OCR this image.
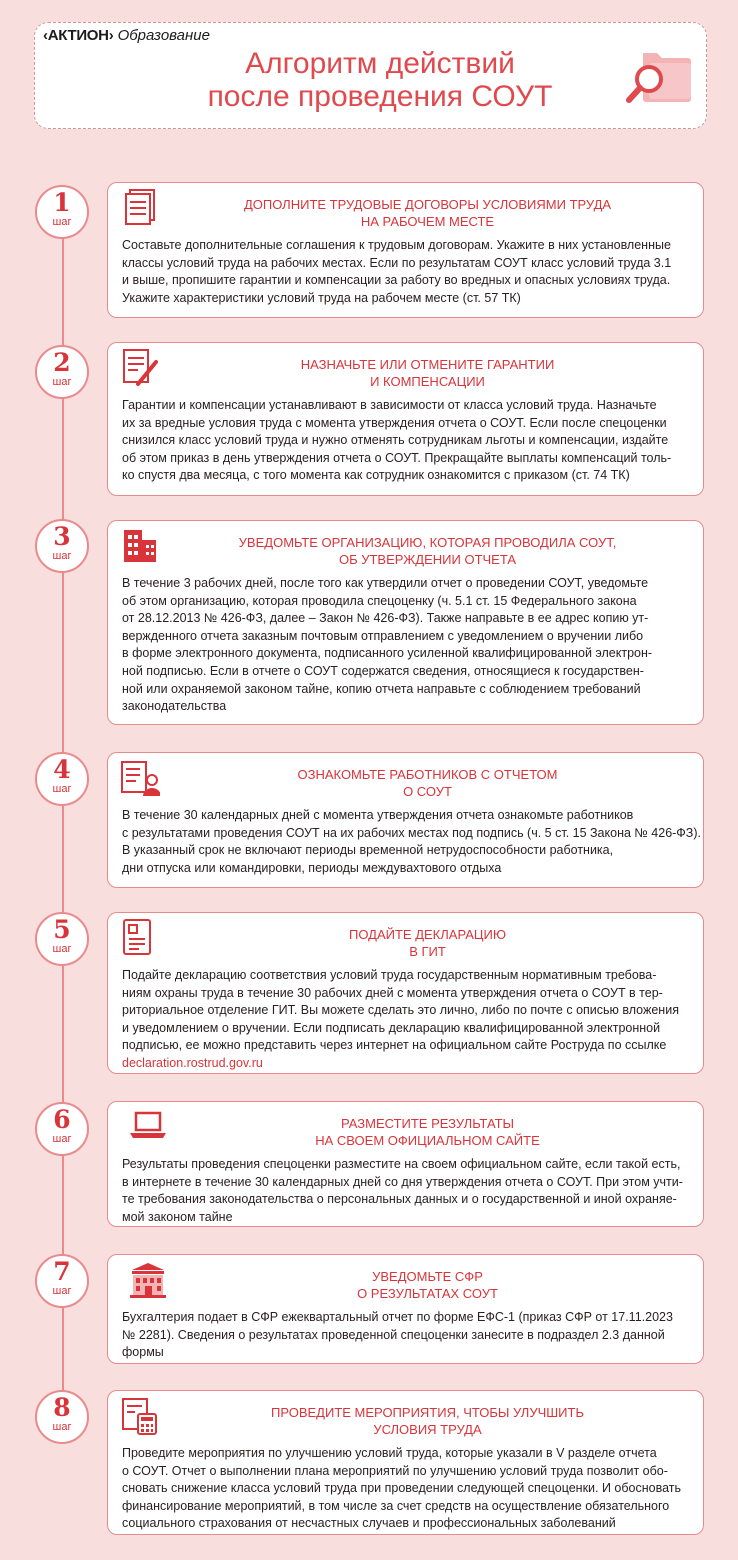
‹АКТИОН› Образование
Алгоритм действий
после проведения СОУТ
1
шаг
2
шаг
3
шаг
4
шаг
5
шаг
6
шаг
7
шаг
8
шаг
ДОПОЛНИТЕ ТРУДОВЫЕ ДОГОВОРЫ УСЛОВИЯМИ ТРУДА
НА РАБОЧЕМ МЕСТЕ
Составьте дополнительные соглашения к трудовым договорам. Укажите в них установленные
классы условий труда на рабочих местах. Если по результатам СОУТ класс условий труда 3.1
и выше, пропишите гарантии и компенсации за работу во вредных и опасных условиях труда.
Укажите характеристики условий труда на рабочем месте (ст. 57 ТК)
НАЗНАЧЬТЕ ИЛИ ОТМЕНИТЕ ГАРАНТИИ
И КОМПЕНСАЦИИ
Гарантии и компенсации устанавливают в зависимости от класса условий труда. Назначьте
их за вредные условия труда с момента утверждения отчета о СОУТ. Если после спецоценки
снизился класс условий труда и нужно отменять сотрудникам льготы и компенсации, издайте
об этом приказ в день утверждения отчета о СОУТ. Прекращайте выплаты компенсаций толь-
ко спустя два месяца, с того момента как сотрудник ознакомится с приказом (ст. 74 ТК)
УВЕДОМЬТЕ ОРГАНИЗАЦИЮ, КОТОРАЯ ПРОВОДИЛА СОУТ,
ОБ УТВЕРЖДЕНИИ ОТЧЕТА
В течение 3 рабочих дней, после того как утвердили отчет о проведении СОУТ, уведомьте
об этом организацию, которая проводила спецоценку (ч. 5.1 ст. 15 Федерального закона
от 28.12.2013 № 426-ФЗ, далее – Закон № 426-ФЗ). Также направьте в ее адрес копию ут-
вержденного отчета заказным почтовым отправлением с уведомлением о вручении либо
в форме электронного документа, подписанного усиленной квалифицированной электрон-
ной подписью. Если в отчете о СОУТ содержатся сведения, относящиеся к государствен-
ной или охраняемой законом тайне, копию отчета направьте с соблюдением требований
законодательства
ОЗНАКОМЬТЕ РАБОТНИКОВ С ОТЧЕТОМ
О СОУТ
В течение 30 календарных дней с момента утверждения отчета ознакомьте работников
с результатами проведения СОУТ на их рабочих местах под подпись (ч. 5 ст. 15 Закона № 426-ФЗ).
В указанный срок не включают периоды временной нетрудоспособности работника,
дни отпуска или командировки, периоды междувахтового отдыха
ПОДАЙТЕ ДЕКЛАРАЦИЮ
В ГИТ
Подайте декларацию соответствия условий труда государственным нормативным требова-
ниям охраны труда в течение 30 рабочих дней с момента утверждения отчета о СОУТ в тер-
риториальное отделение ГИТ. Вы можете сделать это лично, либо по почте с описью вложения
и уведомлением о вручении. Если подписать декларацию квалифицированной электронной
подписью, ее можно представить через интернет на официальном сайте Роструда по ссылке
declaration.rostrud.gov.ru
РАЗМЕСТИТЕ РЕЗУЛЬТАТЫ
НА СВОЕМ ОФИЦИАЛЬНОМ САЙТЕ
Результаты проведения спецоценки разместите на своем официальном сайте, если такой есть,
в интернете в течение 30 календарных дней со дня утверждения отчета о СОУТ. При этом учти-
те требования законодательства о персональных данных и о государственной и иной охраняе-
мой законом тайне
УВЕДОМЬТЕ СФР
О РЕЗУЛЬТАТАХ СОУТ
Бухгалтерия подает в СФР ежеквартальный отчет по форме ЕФС-1 (приказ СФР от 17.11.2023
№ 2281). Сведения о результатах проведенной спецоценки занесите в подраздел 2.3 данной
формы
ПРОВЕДИТЕ МЕРОПРИЯТИЯ, ЧТОБЫ УЛУЧШИТЬ
УСЛОВИЯ ТРУДА
Проведите мероприятия по улучшению условий труда, которые указали в V разделе отчета
о СОУТ. Отчет о выполнении плана мероприятий по улучшению условий труда позволит обо-
сновать снижение класса условий труда при проведении следующей спецоценки. И обосновать
финансирование мероприятий, в том числе за счет средств на осуществление обязательного
социального страхования от несчастных случаев и профессиональных заболеваний
